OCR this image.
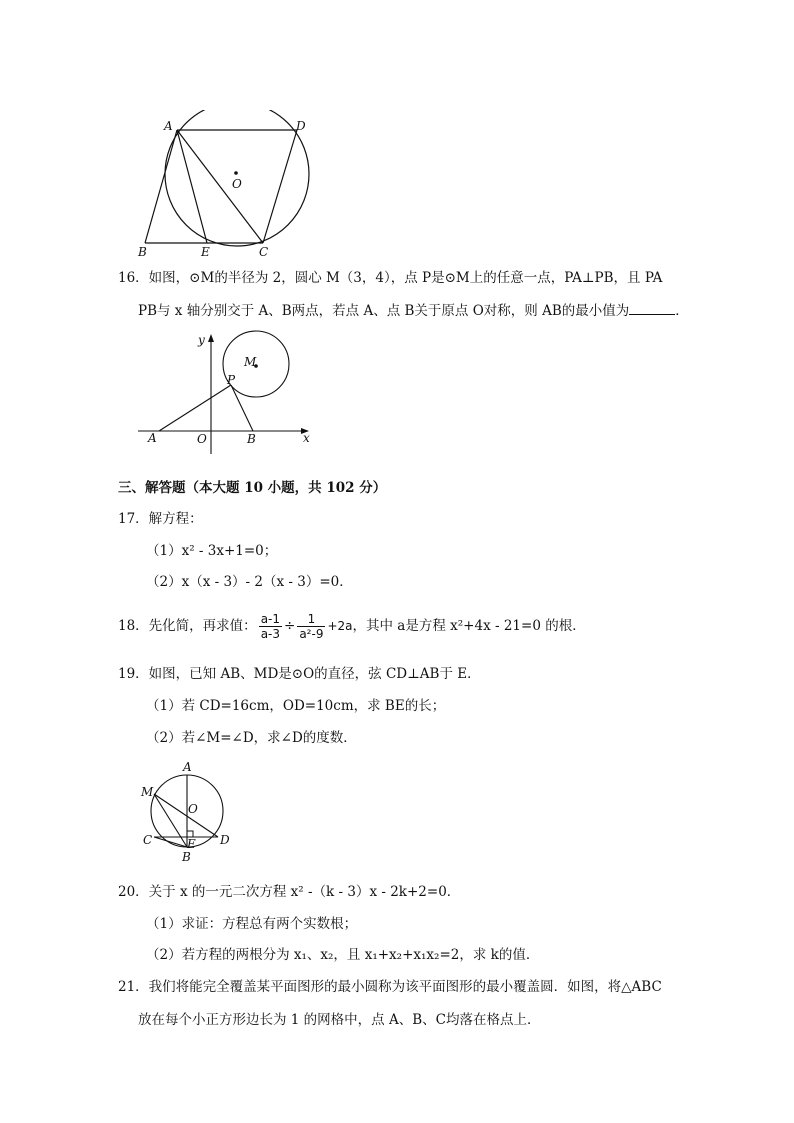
A	D
O
B	E	C
16．如图，⊙M的半径为 2，圆心 M（3，4），点 P是⊙M上的任意一点，PA⊥PB，且 PA
PB与 x 轴分别交于 A、B两点，若点 A、点 B关于原点 O对称，则 AB的最小值为	．
y
M
P
A	O	B	x
三、解答题（本大题 10 小题，共 102 分）
17．解方程：
（1）x² - 3x+1=0；
（2）x（x - 3）- 2（x - 3）=0．
18．先化简，再求值： $\frac{a-1}{a-3} \div \frac{1}{\text{a²-9}} +2a$，其中 a是方程 x²+4x - 21=0 的根．
19．如图，已知 AB、MD是⊙O的直径，弦 CD⊥AB于 E．
（1）若 CD=16cm，OD=10cm，求 BE的长；
（2）若∠M=∠D，求∠D的度数．
A
M
O
C	E D
B
20．关于 x 的一元二次方程 x² -（k - 3）x - 2k+2=0．
（1）求证：方程总有两个实数根；
（2）若方程的两根分为 x₁、x₂，且 x₁+x₂+x₁x₂=2，求 k的值．
21．我们将能完全覆盖某平面图形的最小圆称为该平面图形的最小覆盖圆．如图，将△ABC
放在每个小正方形边长为 1 的网格中，点 A、B、C均落在格点上．
